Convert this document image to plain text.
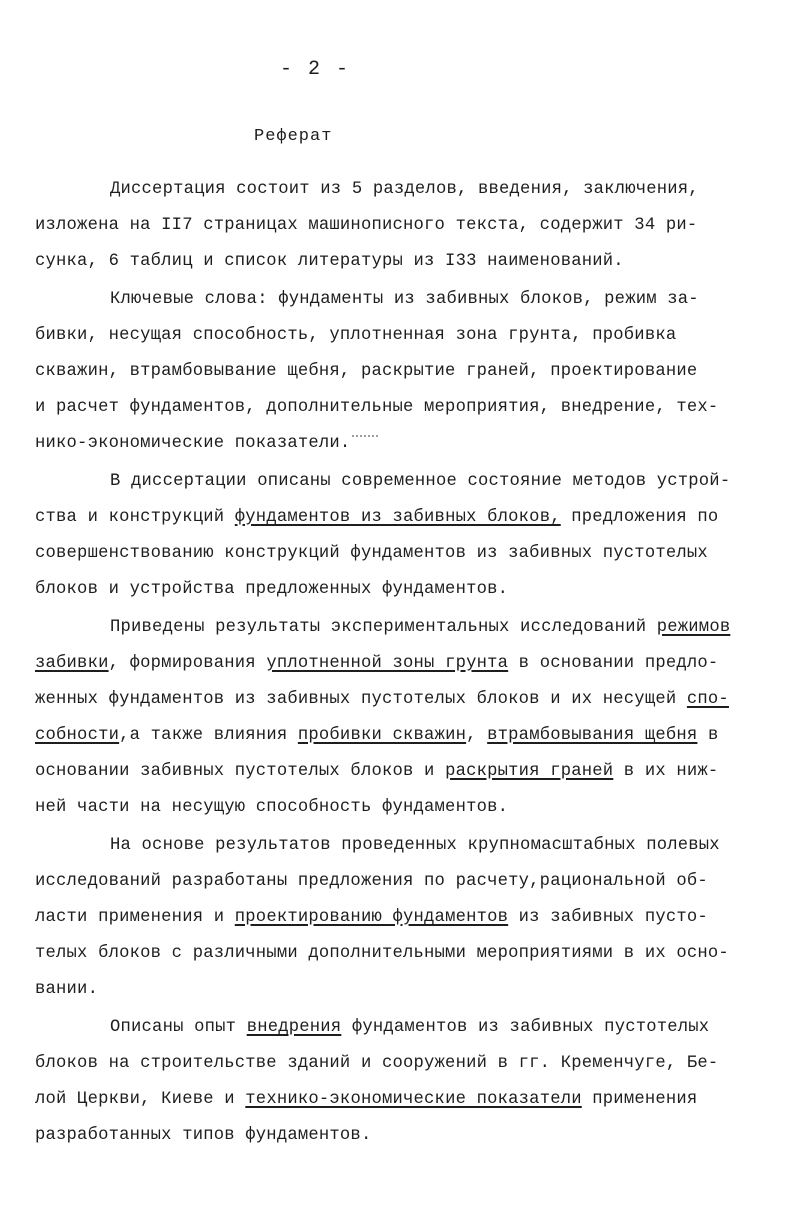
- 2 -
Реферат
Диссертация состоит из 5 разделов, введения, заключения,
изложена на II7 страницах машинописного текста, содержит 34 ри-
сунка, 6 таблиц и список литературы из I33 наименований.
Ключевые слова: фундаменты из забивных блоков, режим за-
бивки, несущая способность, уплотненная зона грунта, пробивка
скважин, втрамбовывание щебня, раскрытие граней, проектирование
и расчет фундаментов, дополнительные мероприятия, внедрение, тех-
нико-экономические показатели.
В диссертации описаны современное состояние методов устрой-
ства и конструкций фундаментов из забивных блоков, предложения по
совершенствованию конструкций фундаментов из забивных пустотелых
блоков и устройства предложенных фундаментов.
Приведены результаты экспериментальных исследований режимов
забивки, формирования уплотненной зоны грунта в основании предло-
женных фундаментов из забивных пустотелых блоков и их несущей спо-
собности,а также влияния пробивки скважин, втрамбовывания щебня в
основании забивных пустотелых блоков и раскрытия граней в их ниж-
ней части на несущую способность фундаментов.
На основе результатов проведенных крупномасштабных полевых
исследований разработаны предложения по расчету,рациональной об-
ласти применения и проектированию фундаментов из забивных пусто-
телых блоков с различными дополнительными мероприятиями в их осно-
вании.
Описаны опыт внедрения фундаментов из забивных пустотелых
блоков на строительстве зданий и сооружений в гг. Кременчуге, Бе-
лой Церкви, Киеве и технико-экономические показатели применения
разработанных типов фундаментов.
